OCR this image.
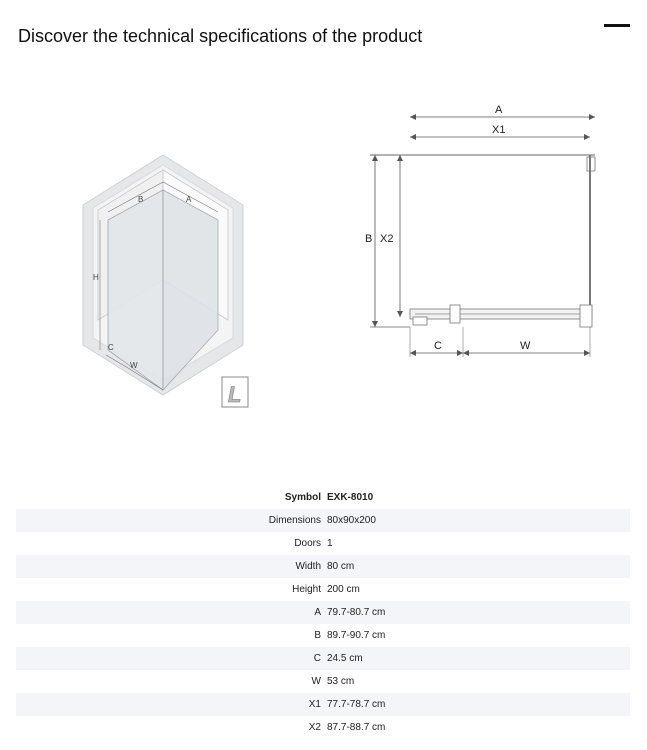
Discover the technical specifications of the product
B	A
H
C
W
L
A
X1
B X2
C	W
Symbol EXK-8010
Dimensions 80x90x200
Doors 1
Width 80 cm
Height 200 cm
A 79.7-80.7 cm
B 89.7-90.7 cm
C 24.5 cm
W 53 cm
X1 77.7-78.7 cm
X2 87.7-88.7 cm
